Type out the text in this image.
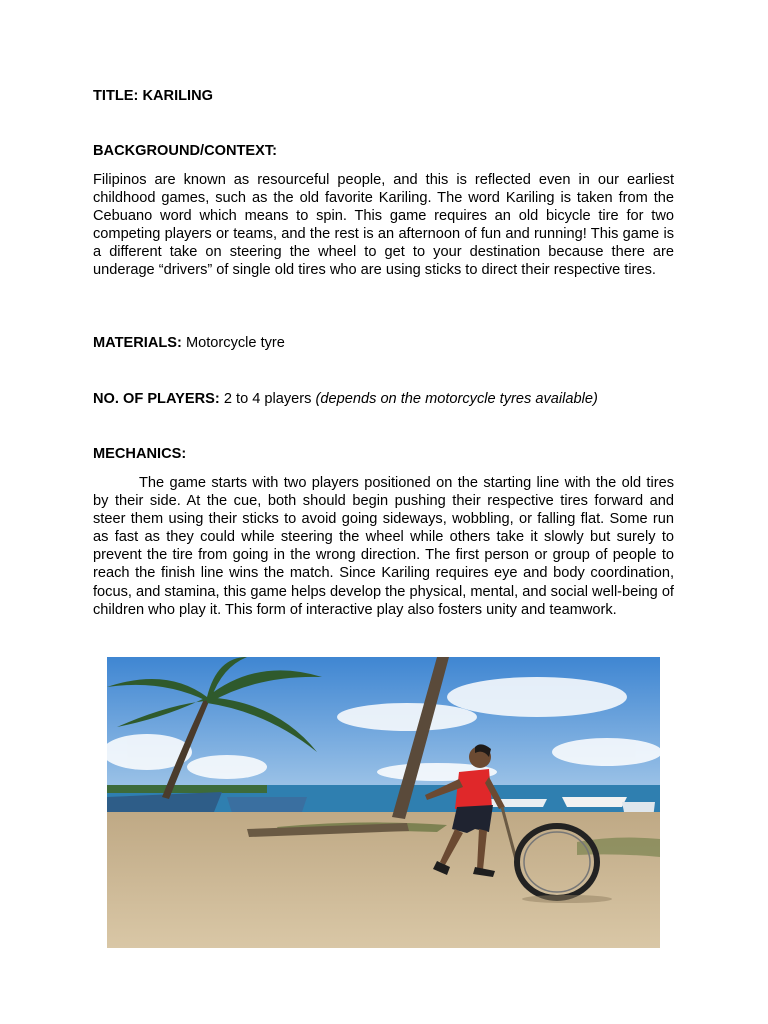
TITLE: KARILING
BACKGROUND/CONTEXT:
Filipinos are known as resourceful people, and this is reflected even in our earliest childhood games, such as the old favorite Kariling. The word Kariling is taken from the Cebuano word which means to spin. This game requires an old bicycle tire for two competing players or teams, and the rest is an afternoon of fun and running! This game is a different take on steering the wheel to get to your destination because there are underage “drivers” of single old tires who are using sticks to direct their respective tires.
MATERIALS: Motorcycle tyre
NO. OF PLAYERS: 2 to 4 players (depends on the motorcycle tyres available)
MECHANICS:
The game starts with two players positioned on the starting line with the old tires by their side. At the cue, both should begin pushing their respective tires forward and steer them using their sticks to avoid going sideways, wobbling, or falling flat. Some run as fast as they could while steering the wheel while others take it slowly but surely to prevent the tire from going in the wrong direction. The first person or group of people to reach the finish line wins the match. Since Kariling requires eye and body coordination, focus, and stamina, this game helps develop the physical, mental, and social well-being of children who play it. This form of interactive play also fosters unity and teamwork.
